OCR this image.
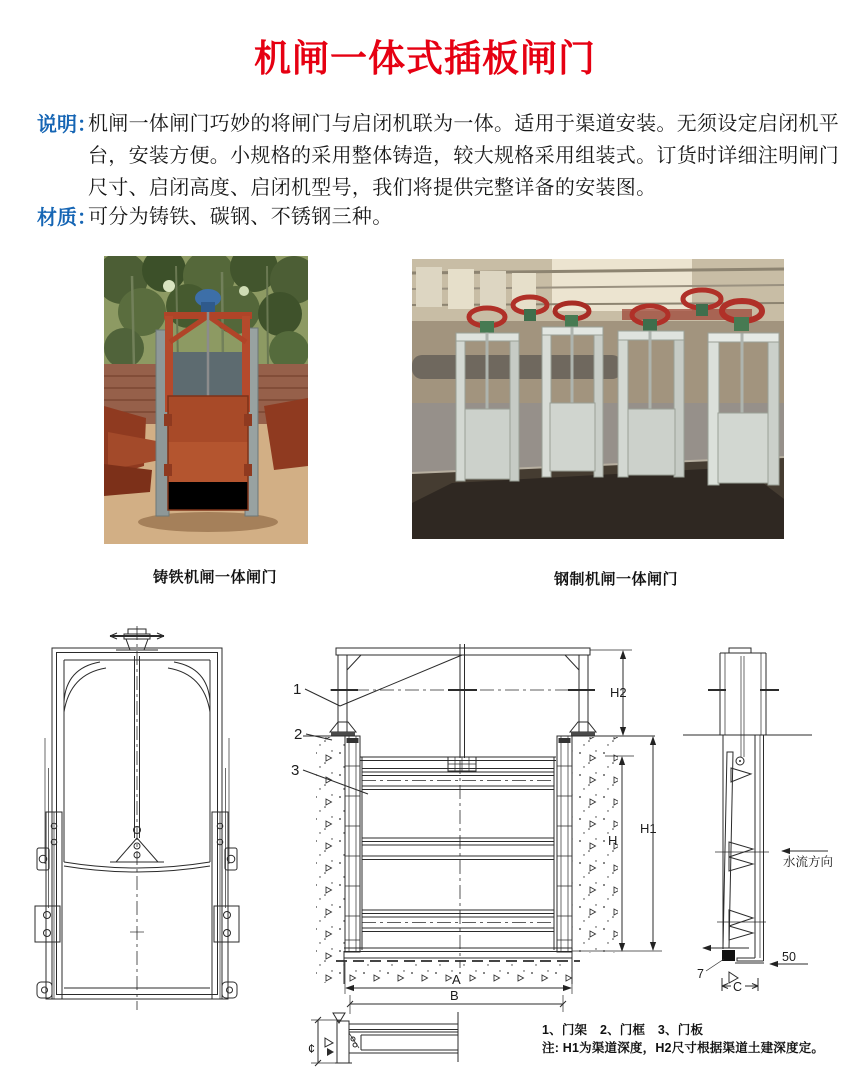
机闸一体式插板闸门
说明：
机闸一体闸门巧妙的将闸门与启闭机联为一体。适用于渠道安装。无须设定启闭机平
台，安装方便。小规格的采用整体铸造，较大规格采用组装式。订货时详细注明闸门
尺寸、启闭高度、启闭机型号，我们将提供完整详备的安装图。
材质：
可分为铸铁、碳钢、不锈钢三种。
铸铁机闸一体闸门	钢制机闸一体闸门
1
2
3
H2
H
H1
A
B
¢
水流方向
50
7
C
1、门架　2、门框　3、门板
注: H1为渠道深度，H2尺寸根据渠道土建深度定。
